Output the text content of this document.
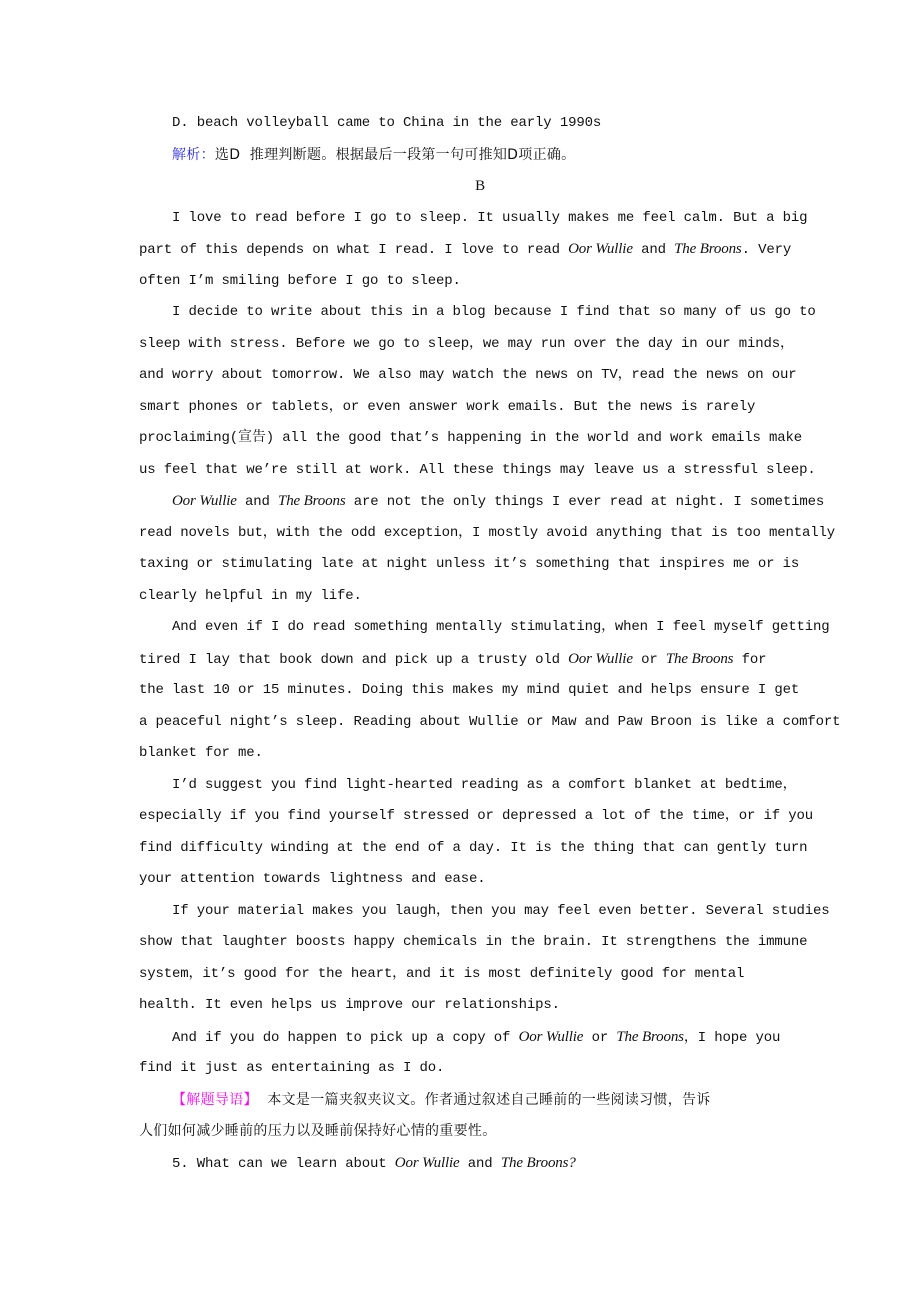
D. beach volleyball came to China in the early 1990s
解析：选D  推理判断题。根据最后一段第一句可推知D项正确。
B
I love to read before I go to sleep. It usually makes me feel calm. But a big
part of this depends on what I read. I love to read Oor Wullie and The Broons. Very
often I’m smiling before I go to sleep.
I decide to write about this in a blog because I find that so many of us go to
sleep with stress. Before we go to sleep，we may run over the day in our minds，
and worry about tomorrow. We also may watch the news on TV，read the news on our
smart phones or tablets，or even answer work emails. But the news is rarely
proclaiming(宣告) all the good that’s happening in the world and work emails make
us feel that we’re still at work. All these things may leave us a stressful sleep.
Oor Wullie and The Broons are not the only things I ever read at night. I sometimes
read novels but，with the odd exception，I mostly avoid anything that is too mentally
taxing or stimulating late at night unless it’s something that inspires me or is
clearly helpful in my life.
And even if I do read something mentally stimulating，when I feel myself getting
tired I lay that book down and pick up a trusty old Oor Wullie or The Broons for
the last 10 or 15 minutes. Doing this makes my mind quiet and helps ensure I get
a peaceful night’s sleep. Reading about Wullie or Maw and Paw Broon is like a comfort
blanket for me.
I’d suggest you find light-hearted reading as a comfort blanket at bedtime，
especially if you find yourself stressed or depressed a lot of the time，or if you
find difficulty winding at the end of a day. It is the thing that can gently turn
your attention towards lightness and ease.
If your material makes you laugh，then you may feel even better. Several studies
show that laughter boosts happy chemicals in the brain. It strengthens the immune
system，it’s good for the heart，and it is most definitely good for mental
health. It even helps us improve our relationships.
And if you do happen to pick up a copy of Oor Wullie or The Broons，I hope you
find it just as entertaining as I do.
【解题导语】  本文是一篇夹叙夹议文。作者通过叙述自己睡前的一些阅读习惯，告诉
人们如何减少睡前的压力以及睡前保持好心情的重要性。
5. What can we learn about Oor Wullie and The Broons?
